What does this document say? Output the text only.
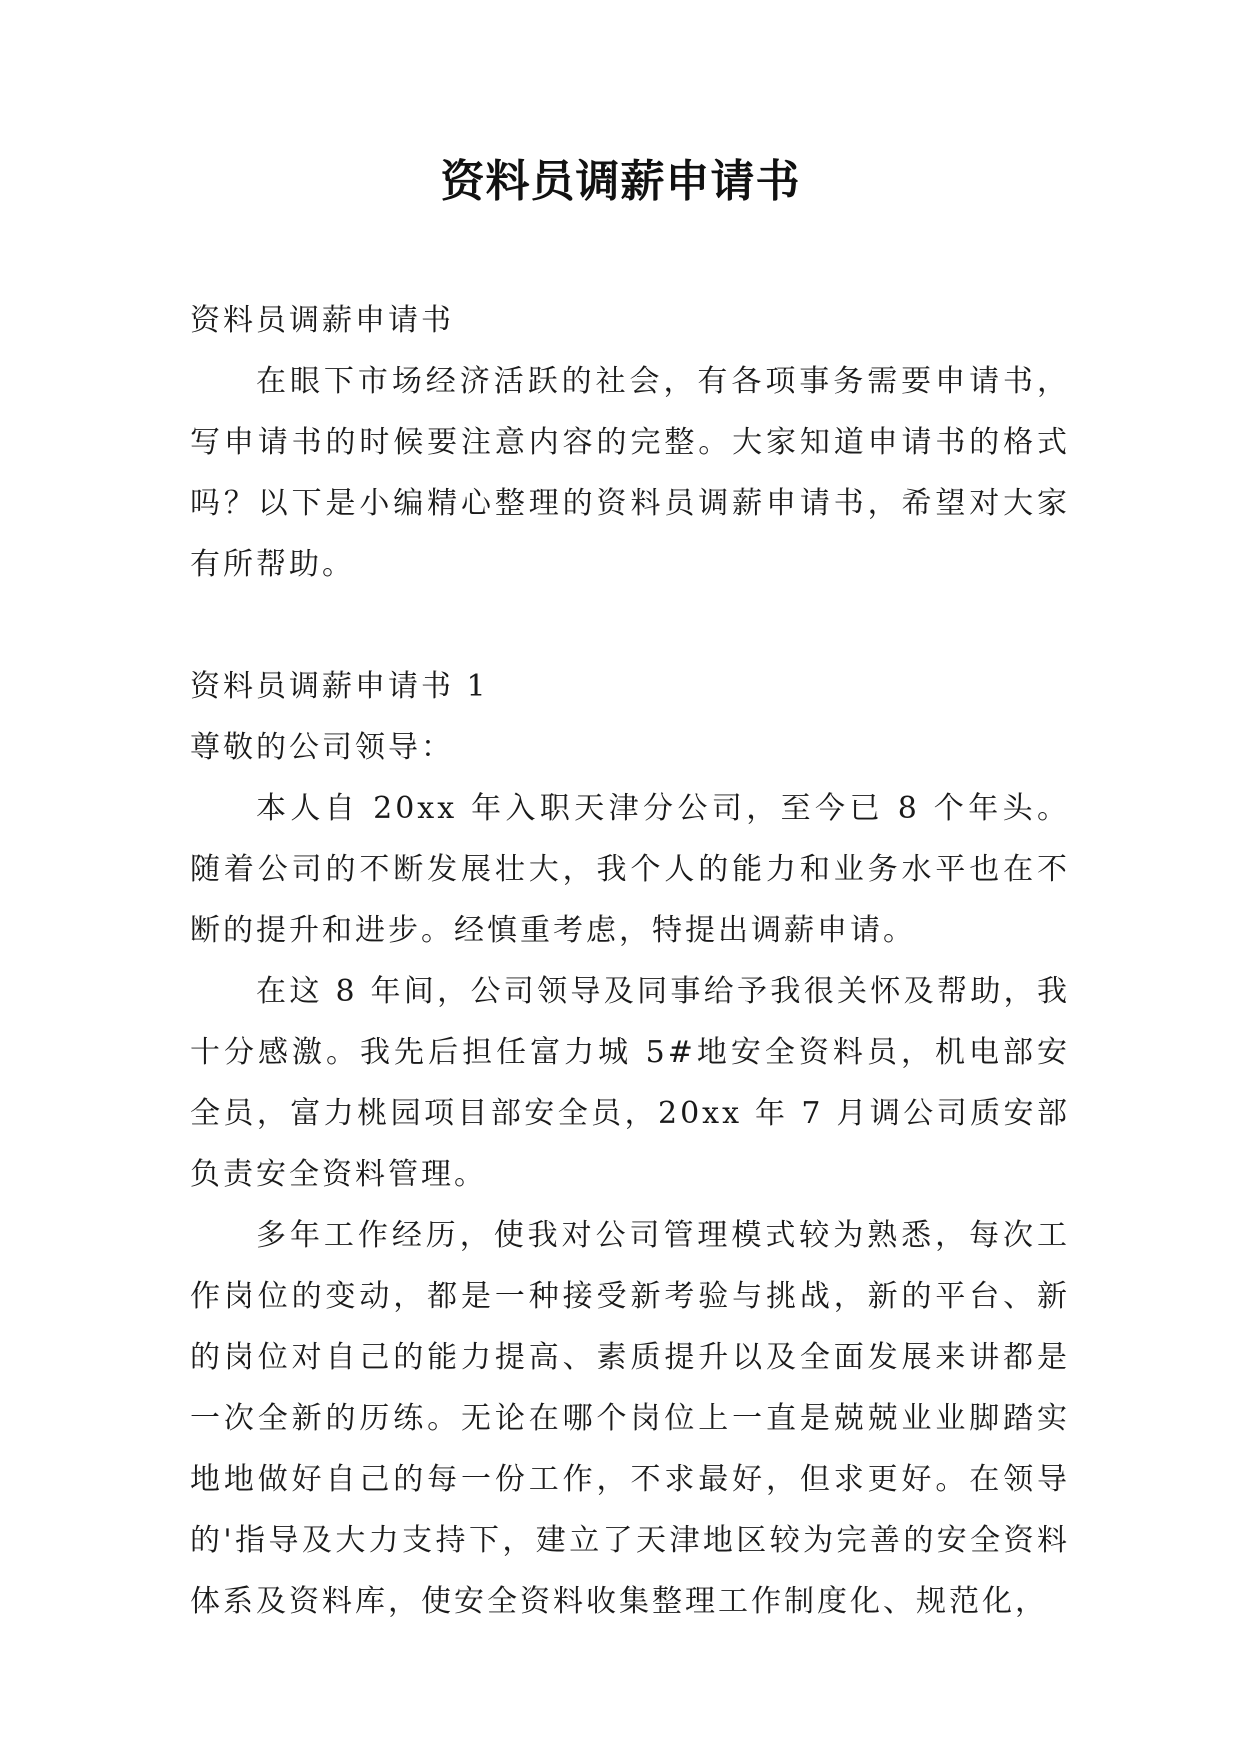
资料员调薪申请书

资料员调薪申请书

在眼下市场经济活跃的社会，有各项事务需要申请书，写申请书的时候要注意内容的完整。大家知道申请书的格式吗？以下是小编精心整理的资料员调薪申请书，希望对大家有所帮助。

资料员调薪申请书 1

尊敬的公司领导：

本人自 20xx 年入职天津分公司，至今已 8 个年头。 随着公司的不断发展壮大，我个人的能力和业务水平也在不断的提升和进步。经慎重考虑，特提出调薪申请。

在这 8 年间，公司领导及同事给予我很关怀及帮助，我十分感激。我先后担任富力城 5#地安全资料员，机电部安全员，富力桃园项目部安全员，20xx 年 7 月调公司质安部负责安全资料管理。

多年工作经历，使我对公司管理模式较为熟悉，每次工作岗位的变动，都是一种接受新考验与挑战，新的平台、新的岗位对自己的能力提高、素质提升以及全面发展来讲都是一次全新的历练。无论在哪个岗位上一直是兢兢业业脚踏实地地做好自己的每一份工作，不求最好，但求更好。在领导的'指导及大力支持下，建立了天津地区较为完善的安全资料体系及资料库，使安全资料收集整理工作制度化、规范化，
